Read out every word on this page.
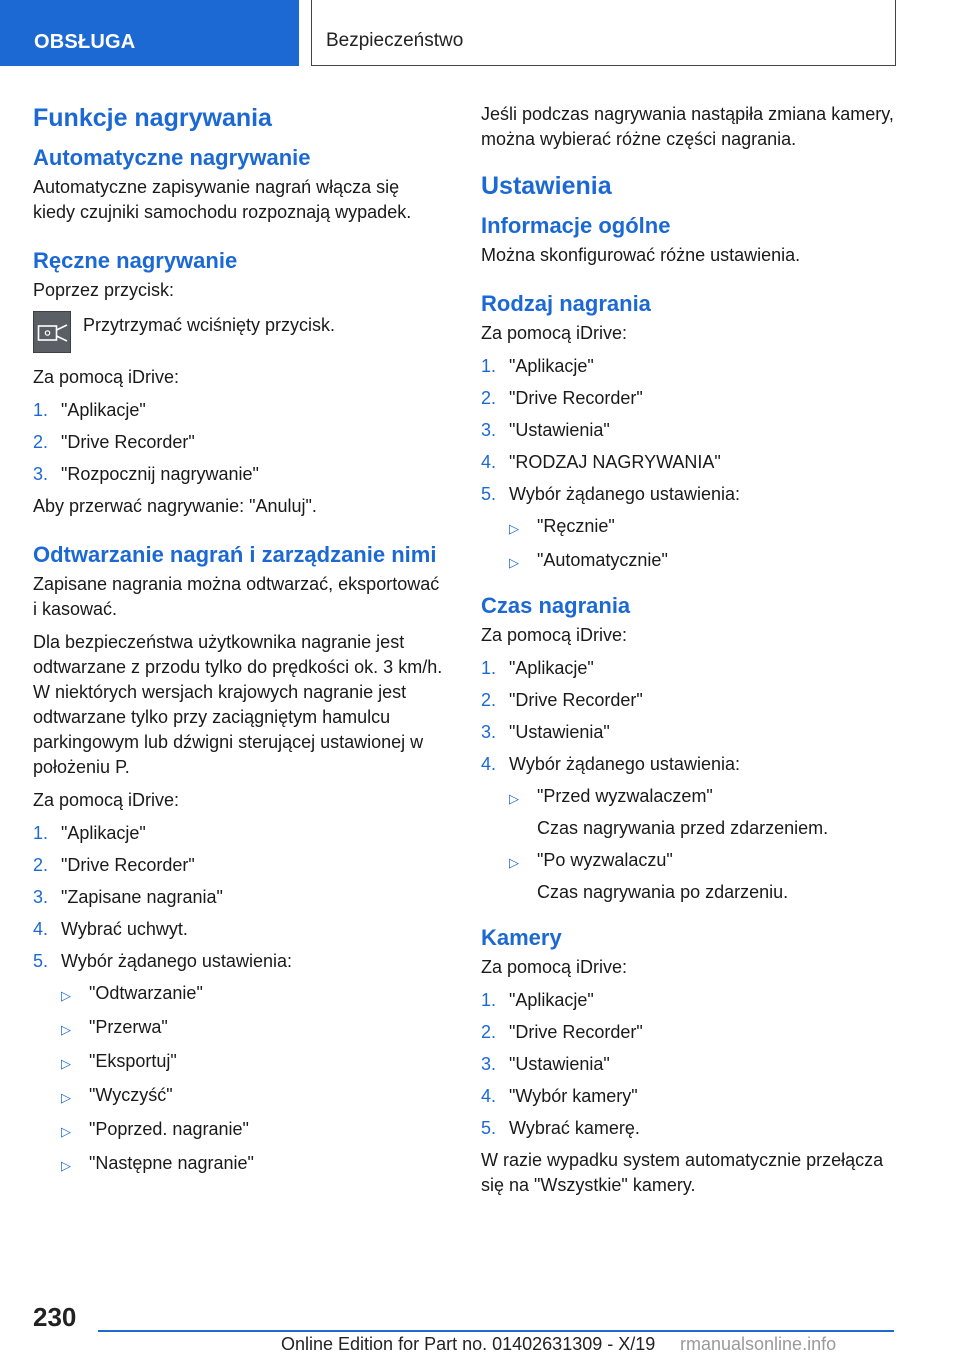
OBSŁUGA	Bezpieczeństwo
Funkcje nagrywania
Automatyczne nagrywanie
Automatyczne zapisywanie nagrań włącza się kiedy czujniki samochodu rozpoznają wypadek.
Ręczne nagrywanie
Poprzez przycisk:
Przytrzymać wciśnięty przycisk.
Za pomocą iDrive:
1. "Aplikacje"
2. "Drive Recorder"
3. "Rozpocznij nagrywanie"
Aby przerwać nagrywanie: "Anuluj".
Odtwarzanie nagrań i zarządzanie nimi
Zapisane nagrania można odtwarzać, eksportować i kasować.
Dla bezpieczeństwa użytkownika nagranie jest odtwarzane z przodu tylko do prędkości ok. 3 km/h. W niektórych wersjach krajowych nagranie jest odtwarzane tylko przy zaciągniętym hamulcu parkingowym lub dźwigni sterującej ustawionej w położeniu P.
Za pomocą iDrive:
1. "Aplikacje"
2. "Drive Recorder"
3. "Zapisane nagrania"
4. Wybrać uchwyt.
5. Wybór żądanego ustawienia:
▷	"Odtwarzanie"
▷	"Przerwa"
▷	"Eksportuj"
▷	"Wyczyść"
▷	"Poprzed. nagranie"
▷	"Następne nagranie"
Jeśli podczas nagrywania nastąpiła zmiana kamery, można wybierać różne części nagrania.
Ustawienia
Informacje ogólne
Można skonfigurować różne ustawienia.
Rodzaj nagrania
Za pomocą iDrive:
1. "Aplikacje"
2. "Drive Recorder"
3. "Ustawienia"
4. "RODZAJ NAGRYWANIA"
5. Wybór żądanego ustawienia:
▷	"Ręcznie"
▷	"Automatycznie"
Czas nagrania
Za pomocą iDrive:
1. "Aplikacje"
2. "Drive Recorder"
3. "Ustawienia"
4. Wybór żądanego ustawienia:
▷	"Przed wyzwalaczem"
Czas nagrywania przed zdarzeniem.
▷	"Po wyzwalaczu"
Czas nagrywania po zdarzeniu.
Kamery
Za pomocą iDrive:
1. "Aplikacje"
2. "Drive Recorder"
3. "Ustawienia"
4. "Wybór kamery"
5. Wybrać kamerę.
W razie wypadku system automatycznie przełącza się na "Wszystkie" kamery.
230
Online Edition for Part no. 01402631309 - X/19 rmanualsonline.info
